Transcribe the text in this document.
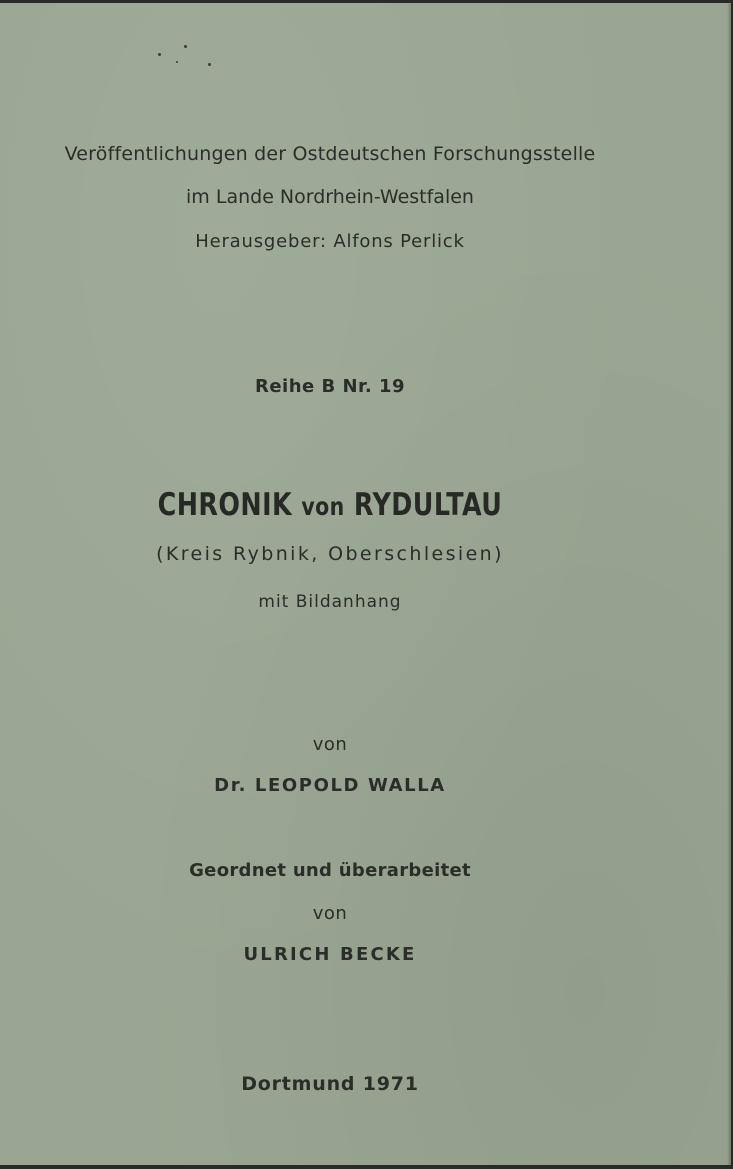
Veröffentlichungen der Ostdeutschen Forschungsstelle
im Lande Nordrhein-Westfalen
Herausgeber: Alfons Perlick
Reihe B Nr. 19
CHRONIK von RYDULTAU
(Kreis Rybnik, Oberschlesien)
mit Bildanhang
von
Dr. LEOPOLD WALLA
Geordnet und überarbeitet
von
ULRICH BECKE
Dortmund 1971
